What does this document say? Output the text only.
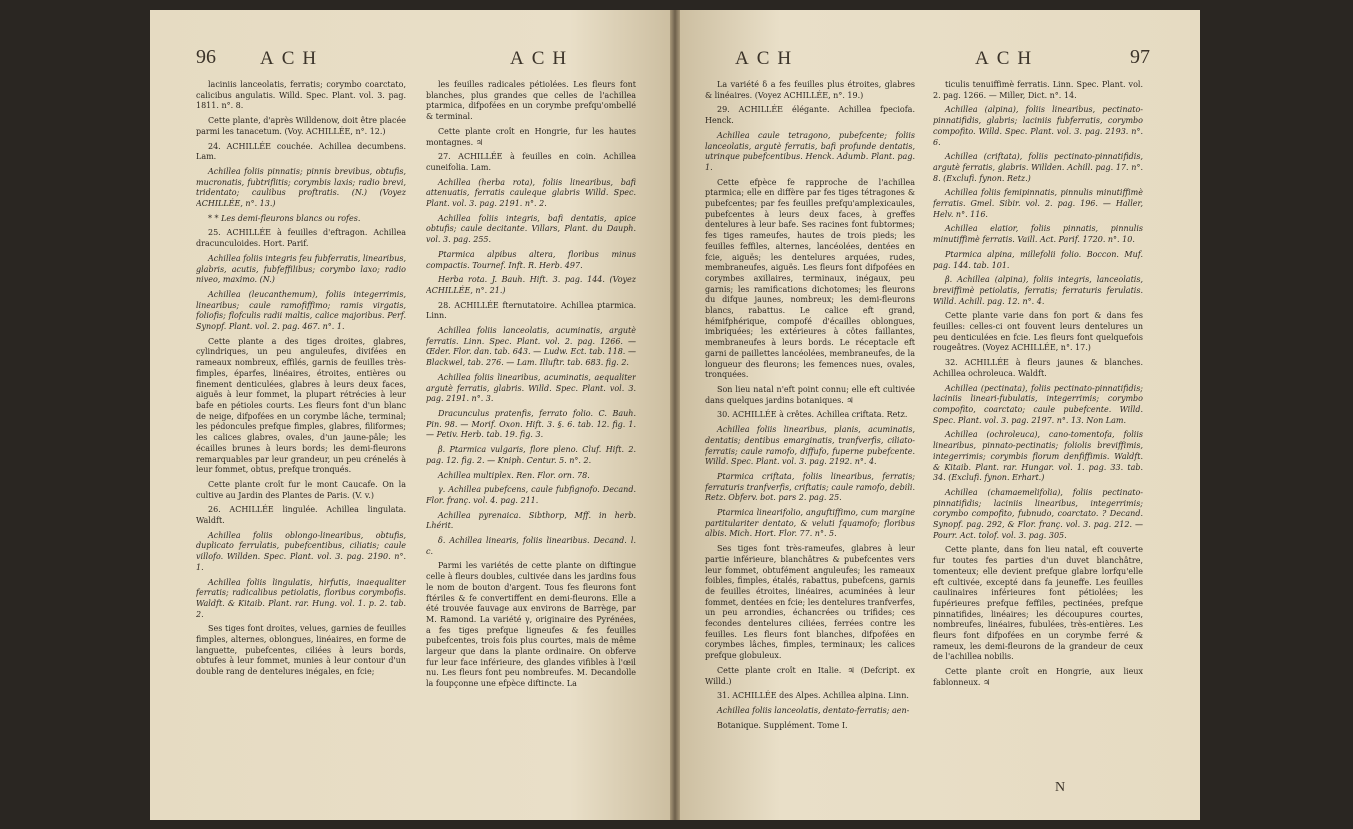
96 ACH	ACH

laciniis lanceolatis, ferratis; corymbo coarctato, calicibus angulatis. Willd. Spec. Plant. vol. 3. pag. 1811. n°. 8.

Cette plante, d'après Willdenow, doit être placée parmi les tanacetum. (Voy. ACHILLÉE, n°. 12.)

24. ACHILLÉE couchée. Achillea decumbens. Lam.

Achillea foliis pinnatis; pinnis brevibus, obtufis, mucronatis, fubtriflitis; corymbis laxis; radio brevi, tridentato; caulibus proftratis. (N.) (Voyez ACHILLÉE, n°. 13.)

* * Les demi-fleurons blancs ou rofes.

25. ACHILLÉE à feuilles d'eftragon. Achillea dracunculoides. Hort. Parif.

Achillea foliis integris feu fubferratis, linearibus, glabris, acutis, fubfeffilibus; corymbo laxo; radio niveo, maximo. (N.)

Achillea (leucanthemum), foliis integerrimis, linearibus; caule ramofiffimo; ramis virgatis, foliofis; flofculis radii maltis, calice majoribus. Perf. Synopf. Plant. vol. 2. pag. 467. n°. 1.

Cette plante a des tiges droites, glabres, cylindriques, un peu anguleufes, divifées en rameaux nombreux, effilés, garnis de feuilles très-fimples, éparfes, linéaires, étroites, entières ou finement denticulées, glabres à leurs deux faces, aiguës à leur fommet, la plupart rétrécies à leur bafe en pétioles courts. Les fleurs font d'un blanc de neige, difpofées en un corymbe lâche, terminal; les pédoncules prefque fimples, glabres, filiformes; les calices glabres, ovales, d'un jaune-pâle; les écailles brunes à leurs bords; les demi-fleurons remarquables par leur grandeur, un peu crénelés à leur fommet, obtus, prefque tronqués.

Cette plante croît fur le mont Caucafe. On la cultive au Jardin des Plantes de Paris. (V. v.)

26. ACHILLÉE linguléе. Achillea lingulata. Waldft.

Achillea foliis oblongo-linearibus, obtufis, duplicato ferrulatis, pubefcentibus, ciliatis; caule villofo. Willden. Spec. Plant. vol. 3. pag. 2190. n°. 1.

Achillea foliis lingulatis, hirfutis, inaequaliter ferratis; radicalibus petiolatis, floribus corymbofis. Waldft. & Kitaib. Plant. rar. Hung. vol. 1. p. 2. tab. 2.

Ses tiges font droites, velues, garnies de feuilles fimples, alternes, oblongues, linéaires, en forme de languette, pubefcentes, ciliées à leurs bords, obtufes à leur fommet, munies à leur contour d'un double rang de dentelures inégales, en fcie;

les feuilles radicales pétiolées. Les fleurs font blanches, plus grandes que celles de l'achillea ptarmica, difpofées en un corymbe prefqu'ombellé & terminal.

Cette plante croît en Hongrie, fur les hautes montagnes. ♃

27. ACHILLÉE à feuilles en coin. Achillea cuneifolia. Lam.

Achillea (herba rota), foliis linearibus, bafi attenuatis, ferratis cauleque glabris Willd. Spec. Plant. vol. 3. pag. 2191. n°. 2.

Achillea foliis integris, bafi dentatis, apice obtufis; caule decitante. Villars, Plant. du Dauph. vol. 3. pag. 255.

Ptarmica alpibus altera, floribus minus compactis. Tournef. Inft. R. Herb. 497.

Herba rota. J. Bauh. Hift. 3. pag. 144. (Voyez ACHILLÉE, n°. 21.)

28. ACHILLÉE fternutatoire. Achillea ptarmica. Linn.

Achillea foliis lanceolatis, acuminatis, argutè ferratis. Linn. Spec. Plant. vol. 2. pag. 1266. — Œder. Flor. dan. tab. 643. — Ludw. Ect. tab. 118. — Blackwel, tab. 276. — Lam. Illuftr. tab. 683. fig. 2.

Achillea foliis linearibus, acuminatis, aequaliter argutè ferratis, glabris. Willd. Spec. Plant. vol. 3. pag. 2191. n°. 3.

Dracunculus pratenfis, ferrato folio. C. Bauh. Pin. 98. — Morif. Oxon. Hift. 3. §. 6. tab. 12. fig. 1. — Petiv. Herb. tab. 19. fig. 3.

β. Ptarmica vulgaris, flore pleno. Cluf. Hift. 2. pag. 12. fig. 2. — Kniph. Centur. 5. n°. 2.

Achillea multiplex. Ren. Flor. orn. 78.

γ. Achillea pubefcens, caule fubfignofo. Decand. Flor. franç. vol. 4. pag. 211.

Achillea pyrenaica. Sibthorp, Mff. in herb. Lhérit.

δ. Achillea linearis, foliis linearibus. Decand. l. c.

Parmi les variétés de cette plante on diftingue celle à fleurs doubles, cultivée dans les jardins fous le nom de bouton d'argent. Tous fes fleurons font ftériles & fe convertiffent en demi-fleurons. Elle a été trouvée fauvage aux environs de Barrège, par M. Ramond. La variété γ, originaire des Pyrénées, a fes tiges prefque ligneufes & fes feuilles pubefcentes, trois fois plus courtes, mais de même largeur que dans la plante ordinaire. On obferve fur leur face inférieure, des glandes vifibles à l'œil nu. Les fleurs font peu nombreufes. M. Decandolle la foupçonne une efpèce diftincte. La

ACH	ACH	97

La variété δ a fes feuilles plus étroites, glabres & linéaires. (Voyez ACHILLÉE, n°. 19.)

29. ACHILLÉE élégante. Achillea fpeciofa. Henck.

Achillea caule tetragono, pubefcente; foliis lanceolatis, argutè ferratis, bafi profunde dentatis, utrinque pubefcentibus. Henck. Adumb. Plant. pag. 1.

Cette efpèce fe rapproche de l'achillea ptarmica; elle en diffère par fes tiges tétragones & pubefcentes; par fes feuilles prefqu'amplexicaules, pubefcentes à leurs deux faces, à greffes dentelures à leur bafe. Ses racines font fubtormes; fes tiges rameufes, hautes de trois pieds; les feuilles feffiles, alternes, lancéolées, dentées en fcie, aiguës; les dentelures arquées, rudes, membraneufes, aiguës. Les fleurs font difpofées en corymbes axillaires, terminaux, inégaux, peu garnis; les ramifications dichotomes; les fleurons du difque jaunes, nombreux; les demi-fleurons blancs, rabattus. Le calice eft grand, hémifphérique, compofé d'écailles oblongues, imbriquées; les extérieures à côtes faillantes, membraneufes à leurs bords. Le réceptacle eft garni de paillettes lancéolées, membraneufes, de la longueur des fleurons; les femences nues, ovales, tronquées.

Son lieu natal n'eft point connu; elle eft cultivée dans quelques jardins botaniques. ♃

30. ACHILLÉE à crêtes. Achillea criftata. Retz.

Achillea foliis linearibus, planis, acuminatis, dentatis; dentibus emarginatis, tranfverfis, ciliato-ferratis; caule ramofo, diffufo, fuperne pubefcente. Willd. Spec. Plant. vol. 3. pag. 2192. n°. 4.

Ptarmica criftata, foliis linearibus, ferratis; ferraturis tranfverfis, criftatis; caule ramofo, debili. Retz. Obferv. bot. pars 2. pag. 25.

Ptarmica linearifolio, anguftiffimo, cum margine partitulariter dentato, & veluti fquamofo; floribus albis. Mich. Hort. Flor. 77. n°. 5.

Ses tiges font très-rameufes, glabres à leur partie inférieure, blanchâtres & pubefcentes vers leur fommet, obtufément anguleufes; les rameaux foibles, fimples, étalés, rabattus, pubefcens, garnis de feuilles étroites, linéaires, acuminées à leur fommet, dentées en fcie; les dentelures tranfverfes, un peu arrondies, échancrées ou trifides; ces fecondes dentelures ciliées, ferrées contre les feuilles. Les fleurs font blanches, difpofées en corymbes lâches, fimples, terminaux; les calices prefque globuleux.

Cette plante croît en Italie. ♃ (Defcript. ex Willd.)

31. ACHILLÉE des Alpes. Achillea alpina. Linn.

Achillea foliis lanceolatis, dentato-ferratis; aen-

Botanique. Supplément. Tome I.

ticulis tenuiffimè ferratis. Linn. Spec. Plant. vol. 2. pag. 1266. — Miller, Dict. n°. 14.

Achillea (alpina), foliis linearibus, pectinato-pinnatifidis, glabris; laciniis fubferratis, corymbo compofito. Willd. Spec. Plant. vol. 3. pag. 2193. n°. 6.

Achillea (criftata), foliis pectinato-pinnatifidis, argutè ferratis, glabris. Willden. Achill. pag. 17. n°. 8. (Exclufi. fynon. Retz.)

Achillea foliis femipinnatis, pinnulis minutiffimè ferratis. Gmel. Sibir. vol. 2. pag. 196. — Haller, Helv. n°. 116.

Achillea elatior, foliis pinnatis, pinnulis minutiffimè ferratis. Vaill. Act. Parif. 1720. n°. 10.

Ptarmica alpina, millefolii folio. Boccon. Muf. pag. 144. tab. 101.

β. Achillea (alpina), foliis integris, lanceolatis, breviffimè petiolatis, ferratis; ferraturis ferulatis. Willd. Achill. pag. 12. n°. 4.

Cette plante varie dans fon port & dans fes feuilles: celles-ci ont fouvent leurs dentelures un peu denticulées en fcie. Les fleurs font quelquefois rougeâtres. (Voyez ACHILLÉE, n°. 17.)

32. ACHILLÉE à fleurs jaunes & blanches. Achillea ochroleuca. Waldft.

Achillea (pectinata), foliis pectinato-pinnatifidis; laciniis lineari-fubulatis, integerrimis; corymbo compofito, coarctato; caule pubefcente. Willd. Spec. Plant. vol. 3. pag. 2197. n°. 13. Non Lam.

Achillea (ochroleuca), cano-tomentofa, foliis linearibus, pinnato-pectinatis; foliolis breviffimis, integerrimis; corymbis florum denfiffimis. Waldft. & Kitaib. Plant. rar. Hungar. vol. 1. pag. 33. tab. 34. (Exclufi. fynon. Erhart.)

Achillea (chamaemelifolia), foliis pectinato-pinnatifidis; laciniis linearibus, integerrimis; corymbo compofito, fubnudo, coarctato. ? Decand. Synopf. pag. 292, & Flor. franç. vol. 3. pag. 212. — Pourr. Act. tolof. vol. 3. pag. 305.

Cette plante, dans fon lieu natal, eft couverte fur toutes fes parties d'un duvet blanchâtre, tomenteux; elle devient prefque glabre lorfqu'elle eft cultivée, excepté dans fa jeuneffe. Les feuilles caulinaires inférieures font pétiolées; les fupérieures prefque feffiles, pectinées, prefque pinnatifides, linéaires; les découpures courtes, nombreufes, linéaires, fubulées, très-entières. Les fleurs font difpofées en un corymbe ferré & rameux, les demi-fleurons de la grandeur de ceux de l'achillea nobilis.

Cette plante croît en Hongrie, aux lieux fablonneux. ♃

N
